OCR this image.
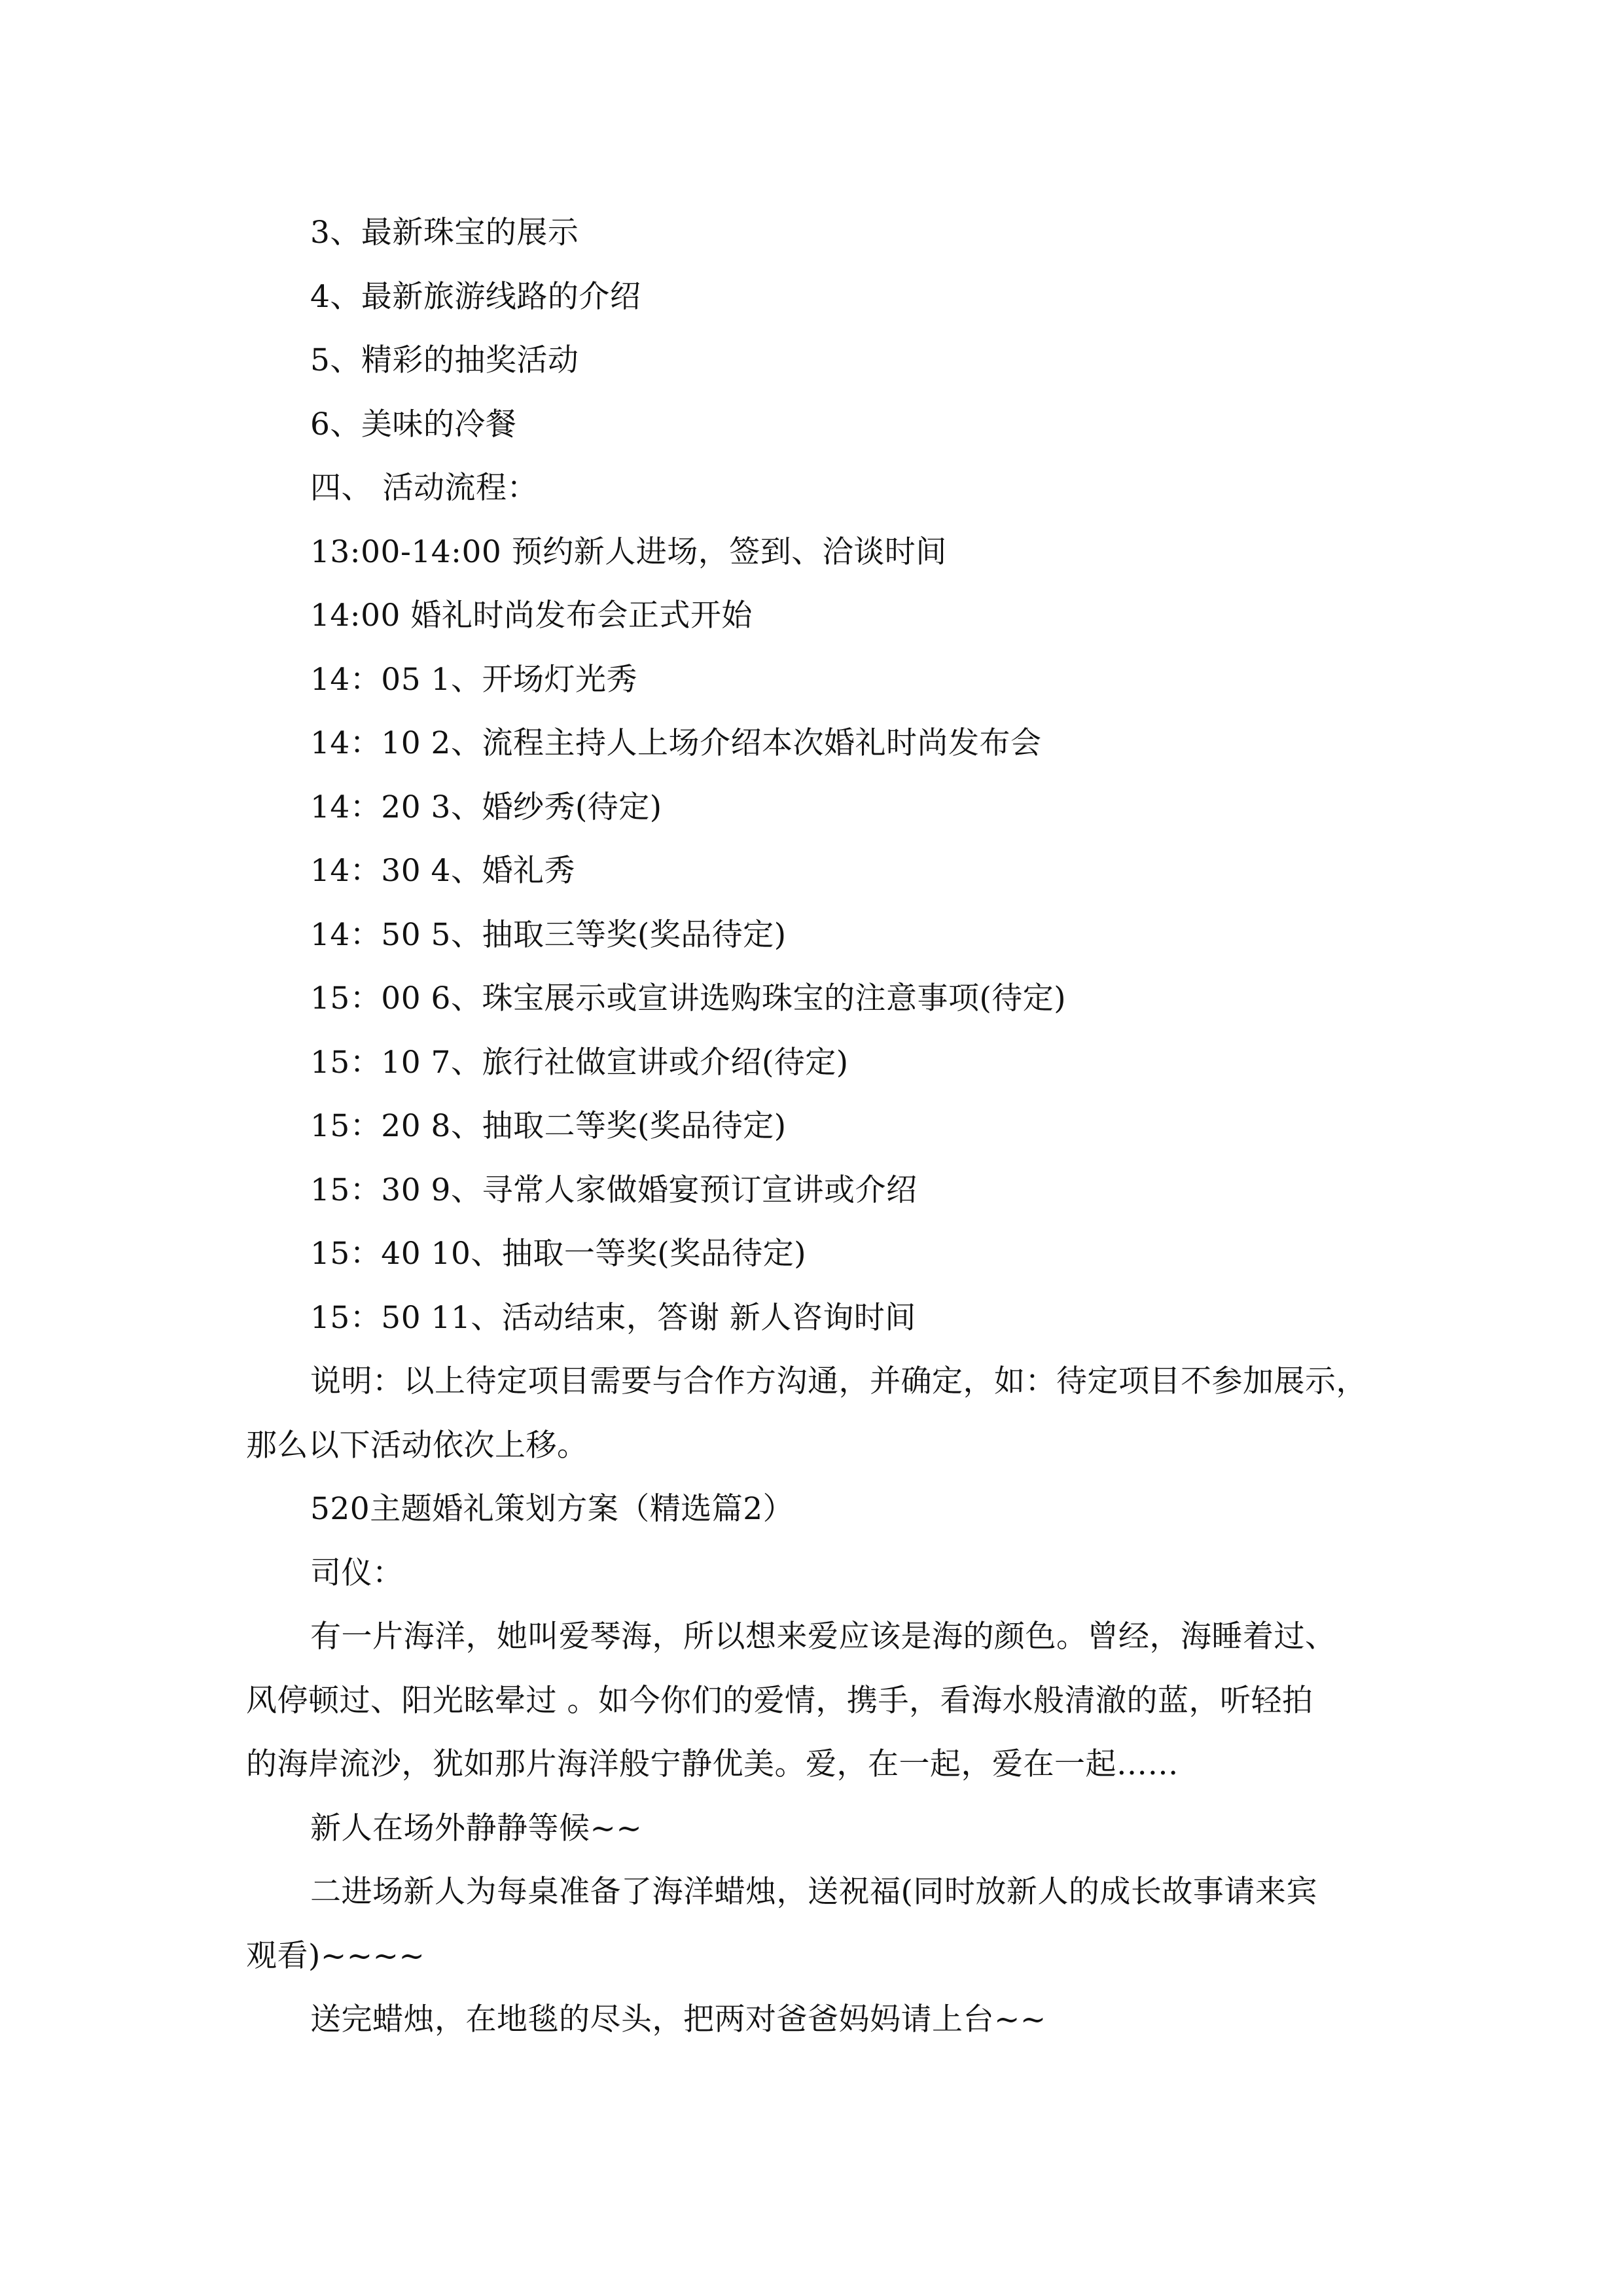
3、最新珠宝的展示
4、最新旅游线路的介绍
5、精彩的抽奖活动
6、美味的冷餐
四、 活动流程：
13:00-14:00 预约新人进场，签到、洽谈时间
14:00 婚礼时尚发布会正式开始
14：05 1、开场灯光秀
14：10 2、流程主持人上场介绍本次婚礼时尚发布会
14：20 3、婚纱秀(待定)
14：30 4、婚礼秀
14：50 5、抽取三等奖(奖品待定)
15：00 6、珠宝展示或宣讲选购珠宝的注意事项(待定)
15：10 7、旅行社做宣讲或介绍(待定)
15：20 8、抽取二等奖(奖品待定)
15：30 9、寻常人家做婚宴预订宣讲或介绍
15：40 10、抽取一等奖(奖品待定)
15：50 11、活动结束，答谢 新人咨询时间
说明：以上待定项目需要与合作方沟通，并确定，如：待定项目不参加展示，
那么以下活动依次上移。
520主题婚礼策划方案（精选篇2）
司仪：
有一片海洋，她叫爱琴海，所以想来爱应该是海的颜色。曾经，海睡着过、
风停顿过、阳光眩晕过 。如今你们的爱情，携手，看海水般清澈的蓝，听轻拍
的海岸流沙，犹如那片海洋般宁静优美。爱，在一起，爱在一起……
新人在场外静静等候~~
二进场新人为每桌准备了海洋蜡烛，送祝福(同时放新人的成长故事请来宾
观看)~~~~
送完蜡烛，在地毯的尽头，把两对爸爸妈妈请上台~~
